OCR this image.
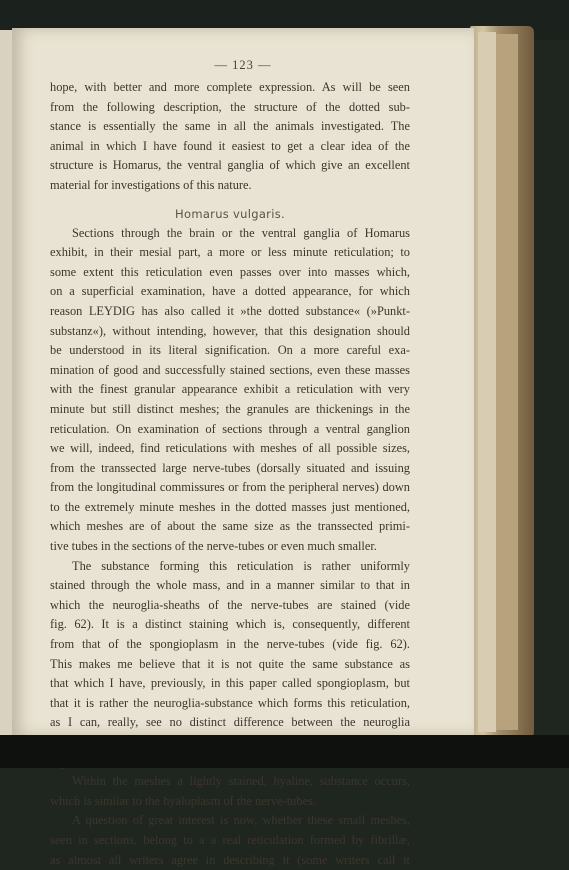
— 123 —
hope, with better and more complete expression. As will be seen
from the following description, the structure of the dotted sub-
stance is essentially the same in all the animals investigated. The
animal in which I have found it easiest to get a clear idea of the
structure is Homarus, the ventral ganglia of which give an excellent
material for investigations of this nature.
Homarus vulgaris.
Sections through the brain or the ventral ganglia of Homarus
exhibit, in their mesial part, a more or less minute reticulation; to
some extent this reticulation even passes over into masses which,
on a superficial examination, have a dotted appearance, for which
reason LEYDIG has also called it »the dotted substance« (»Punkt-
substanz«), without intending, however, that this designation should
be understood in its literal signification. On a more careful exa-
mination of good and successfully stained sections, even these masses
with the finest granular appearance exhibit a reticulation with very
minute but still distinct meshes; the granules are thickenings in the
reticulation. On examination of sections through a ventral ganglion
we will, indeed, find reticulations with meshes of all possible sizes,
from the transsected large nerve-tubes (dorsally situated and issuing
from the longitudinal commissures or from the peripheral nerves) down
to the extremely minute meshes in the dotted masses just mentioned,
which meshes are of about the same size as the transsected primi-
tive tubes in the sections of the nerve-tubes or even much smaller.
The substance forming this reticulation is rather uniformly
stained through the whole mass, and in a manner similar to that in
which the neuroglia-sheaths of the nerve-tubes are stained (vide
fig. 62). It is a distinct staining which is, consequently, different
from that of the spongioplasm in the nerve-tubes (vide fig. 62).
This makes me believe that it is not quite the same substance as
that which I have, previously, in this paper called spongioplasm, but
that it is rather the neuroglia-substance which forms this reticulation,
as I can, really, see no distinct difference between the neuroglia
Within the meshes a lightly stained, hyaline, substance occurs,
which is similar to the hyaloplasm of the nerve-tubes.
A question of great interest is now, whether these small meshes,
seen in sections, belong to a a real reticulation formed by fibrillæ,
as almost all writers agree in describing it (some writers call it
